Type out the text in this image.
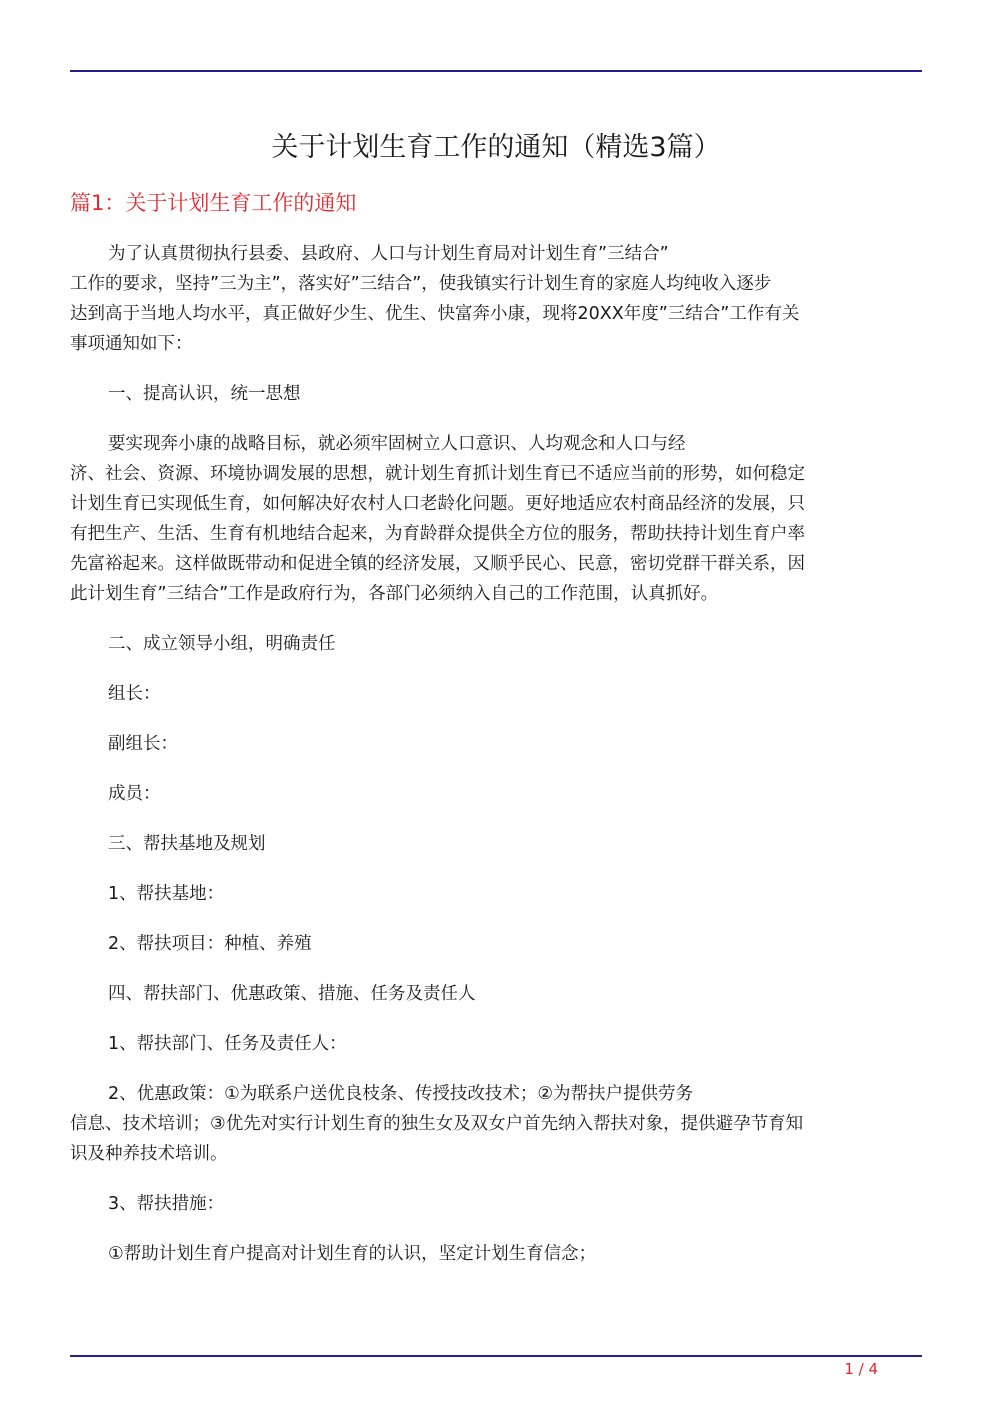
关于计划生育工作的通知（精选3篇）
篇1：关于计划生育工作的通知
为了认真贯彻执行县委、县政府、人口与计划生育局对计划生育”三结合”
工作的要求，坚持”三为主”，落实好”三结合”，使我镇实行计划生育的家庭人均纯收入逐步
达到高于当地人均水平，真正做好少生、优生、快富奔小康，现将20XX年度”三结合”工作有关
事项通知如下：
一、提高认识，统一思想
要实现奔小康的战略目标，就必须牢固树立人口意识、人均观念和人口与经
济、社会、资源、环境协调发展的思想，就计划生育抓计划生育已不适应当前的形势，如何稳定
计划生育已实现低生育，如何解决好农村人口老龄化问题。更好地适应农村商品经济的发展，只
有把生产、生活、生育有机地结合起来，为育龄群众提供全方位的服务，帮助扶持计划生育户率
先富裕起来。这样做既带动和促进全镇的经济发展，又顺乎民心、民意，密切党群干群关系，因
此计划生育”三结合”工作是政府行为，各部门必须纳入自己的工作范围，认真抓好。
二、成立领导小组，明确责任
组长：
副组长：
成员：
三、帮扶基地及规划
1、帮扶基地：
2、帮扶项目：种植、养殖
四、帮扶部门、优惠政策、措施、任务及责任人
1、帮扶部门、任务及责任人：
2、优惠政策：①为联系户送优良枝条、传授技改技术；②为帮扶户提供劳务
信息、技术培训；③优先对实行计划生育的独生女及双女户首先纳入帮扶对象，提供避孕节育知
识及种养技术培训。
3、帮扶措施：
①帮助计划生育户提高对计划生育的认识，坚定计划生育信念；
1 / 4
